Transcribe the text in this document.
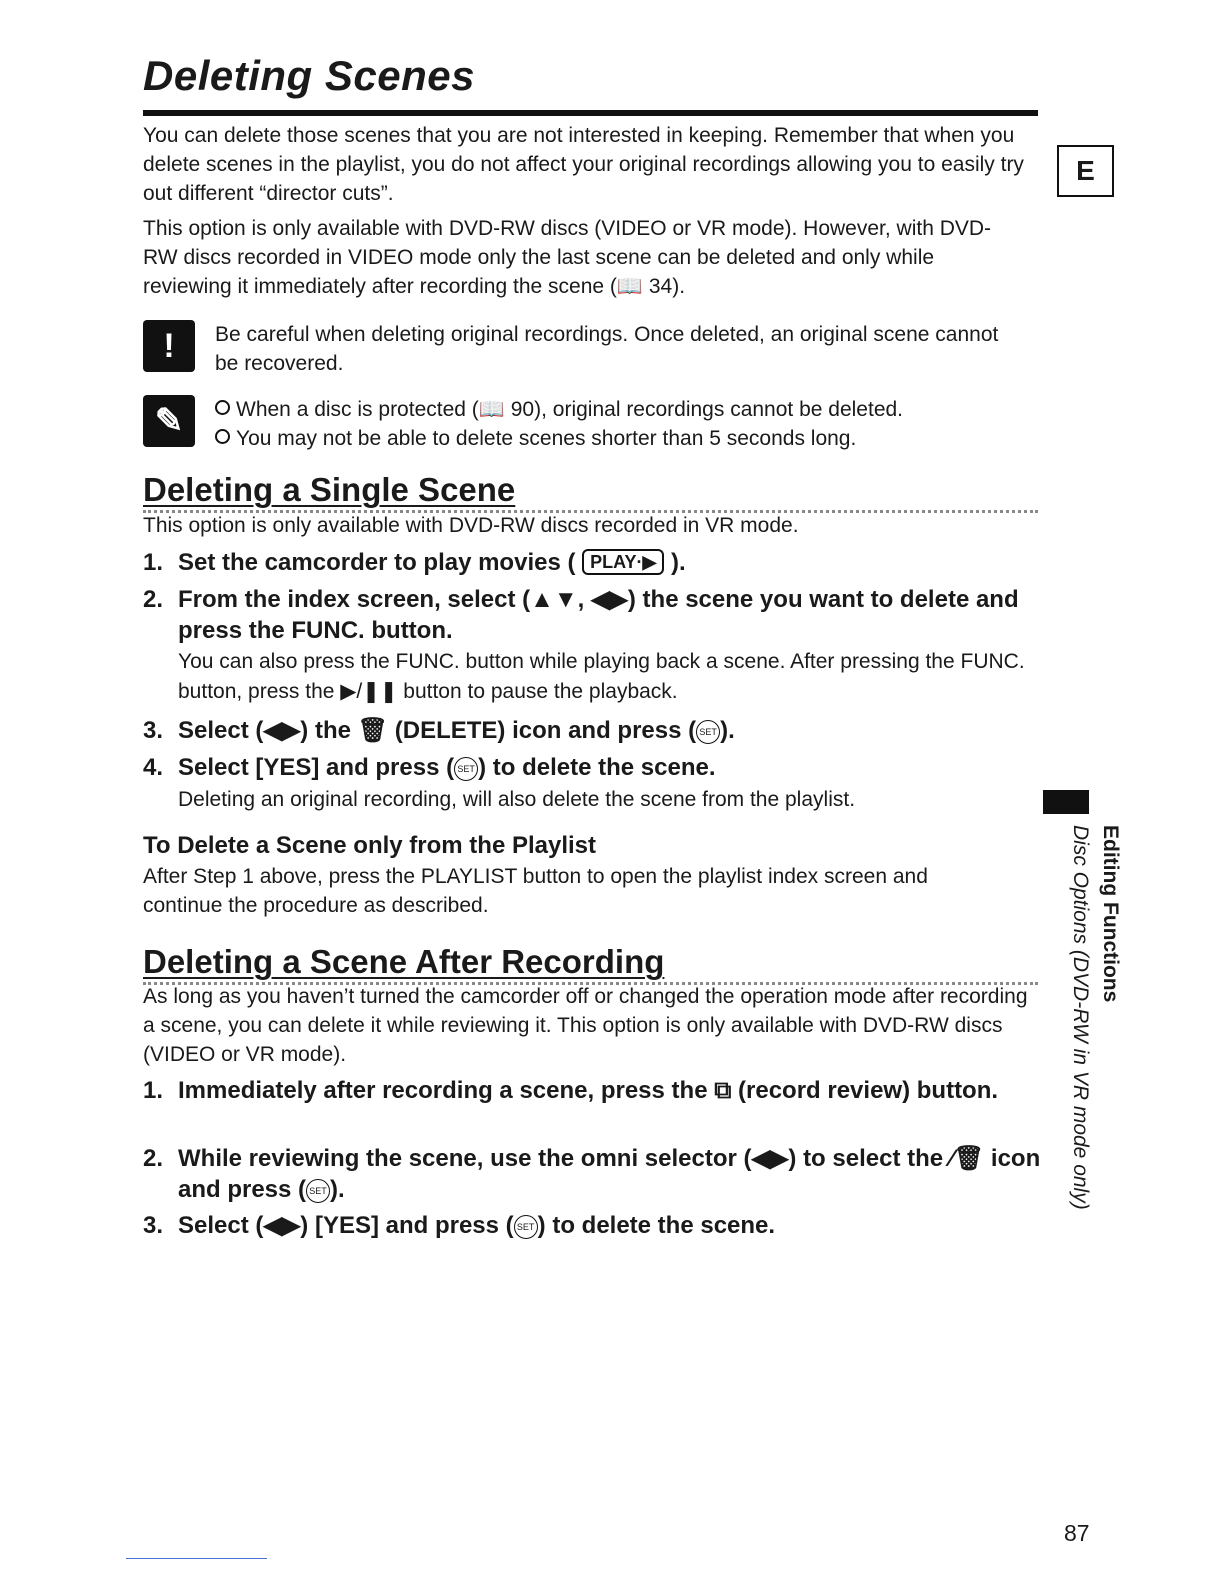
Deleting Scenes
You can delete those scenes that you are not interested in keeping. Remember that when you delete scenes in the playlist, you do not affect your original recordings allowing you to easily try out different “director cuts”.
This option is only available with DVD-RW discs (VIDEO or VR mode). However, with DVD-RW discs recorded in VIDEO mode only the last scene can be deleted and only while reviewing it immediately after recording the scene (📖 34).
E
!	Be careful when deleting original recordings. Once deleted, an original scene cannot be recovered.
✎	When a disc is protected (📖 90), original recordings cannot be deleted.
You may not be able to delete scenes shorter than 5 seconds long.
Deleting a Single Scene
This option is only available with DVD-RW discs recorded in VR mode.
1. Set the camcorder to play movies ( PLAY·▶ ).
2. From the index screen, select (▲▼, ◀▶) the scene you want to delete and press the FUNC. button.
You can also press the FUNC. button while playing back a scene. After pressing the FUNC. button, press the ▶/❚❚ button to pause the playback.
3. Select (◀▶) the 🗑 (DELETE) icon and press ( SET ).
4. Select [YES] and press ( SET ) to delete the scene.
Deleting an original recording, will also delete the scene from the playlist.
To Delete a Scene only from the Playlist
After Step 1 above, press the PLAYLIST button to open the playlist index screen and continue the procedure as described.
Deleting a Scene After Recording
As long as you haven’t turned the camcorder off or changed the operation mode after recording a scene, you can delete it while reviewing it. This option is only available with DVD-RW discs (VIDEO or VR mode).
1. Immediately after recording a scene, press the ⧉ (record review) button.
2. While reviewing the scene, use the omni selector (◀▶) to select the ⁄🗑 icon and press ( SET ).
3. Select (◀▶) [YES] and press ( SET ) to delete the scene.
Editing Functions
Disc Options (DVD-RW in VR mode only)
87
